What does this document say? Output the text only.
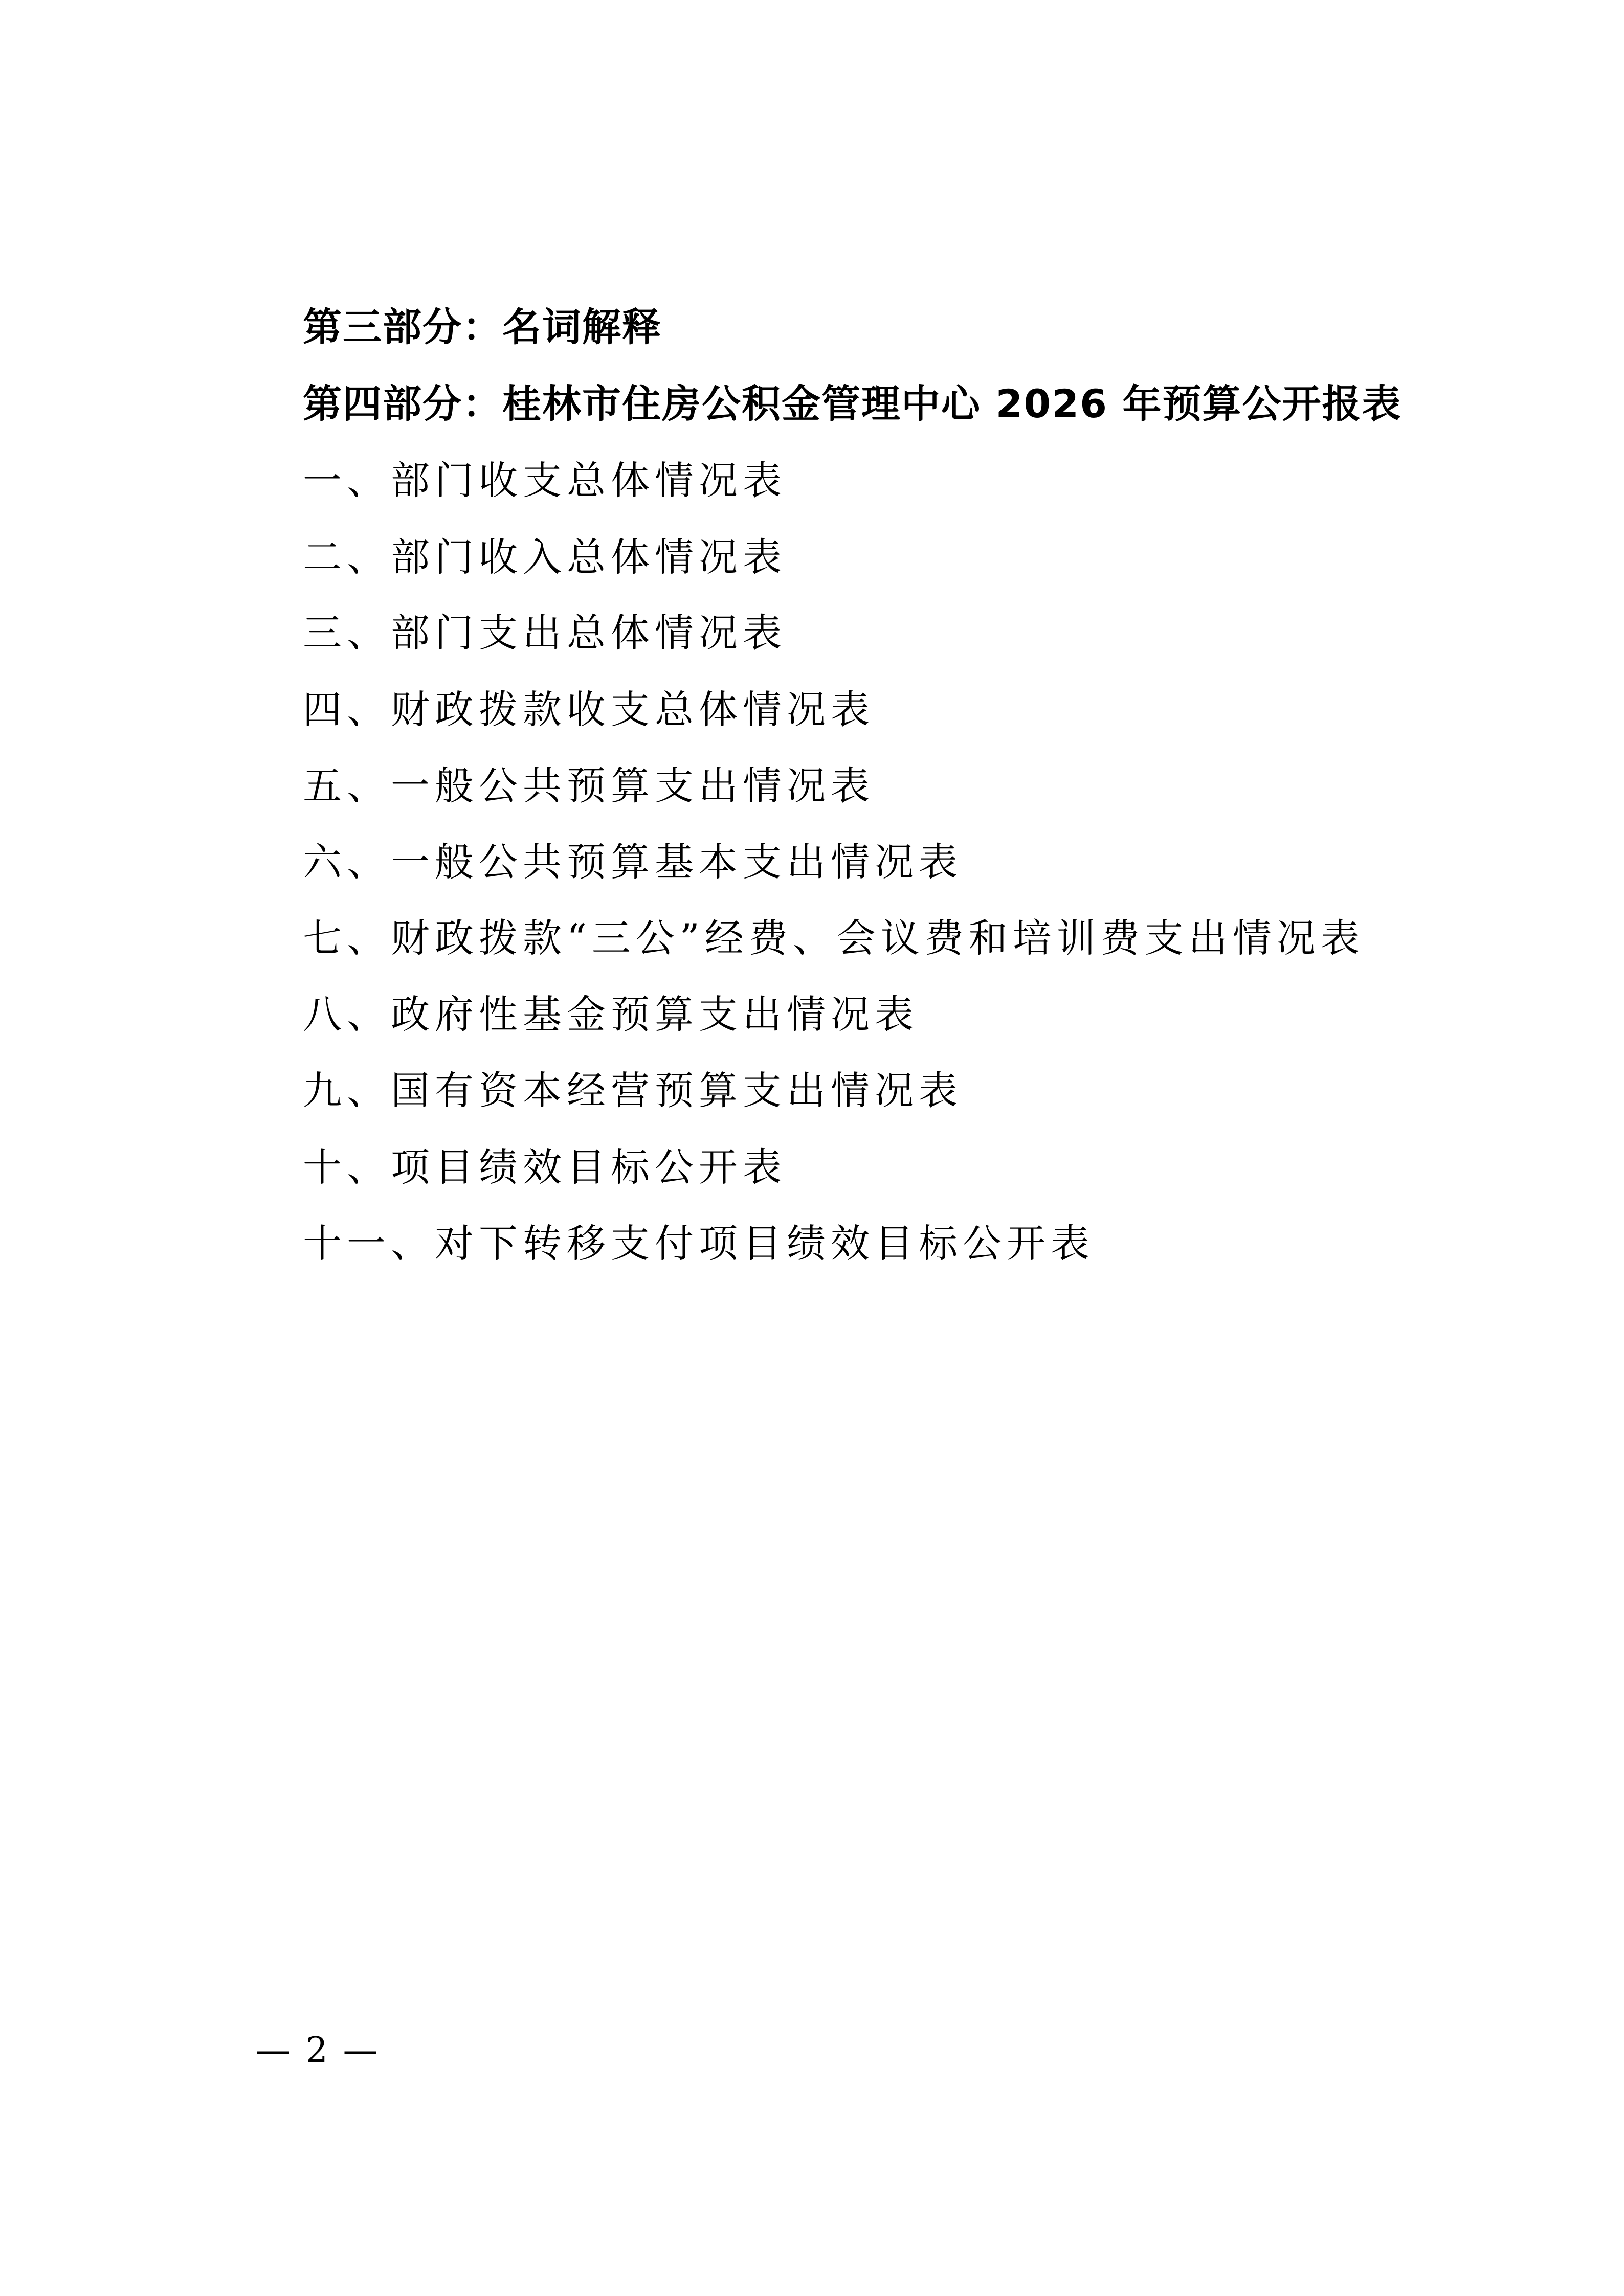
第三部分：名词解释
第四部分：桂林市住房公积金管理中心 2026 年预算公开报表
一、部门收支总体情况表
二、部门收入总体情况表
三、部门支出总体情况表
四、财政拨款收支总体情况表
五、一般公共预算支出情况表
六、一般公共预算基本支出情况表
七、财政拨款“三公”经费、会议费和培训费支出情况表
八、政府性基金预算支出情况表
九、国有资本经营预算支出情况表
十、项目绩效目标公开表
十一、对下转移支付项目绩效目标公开表
— 2 —
